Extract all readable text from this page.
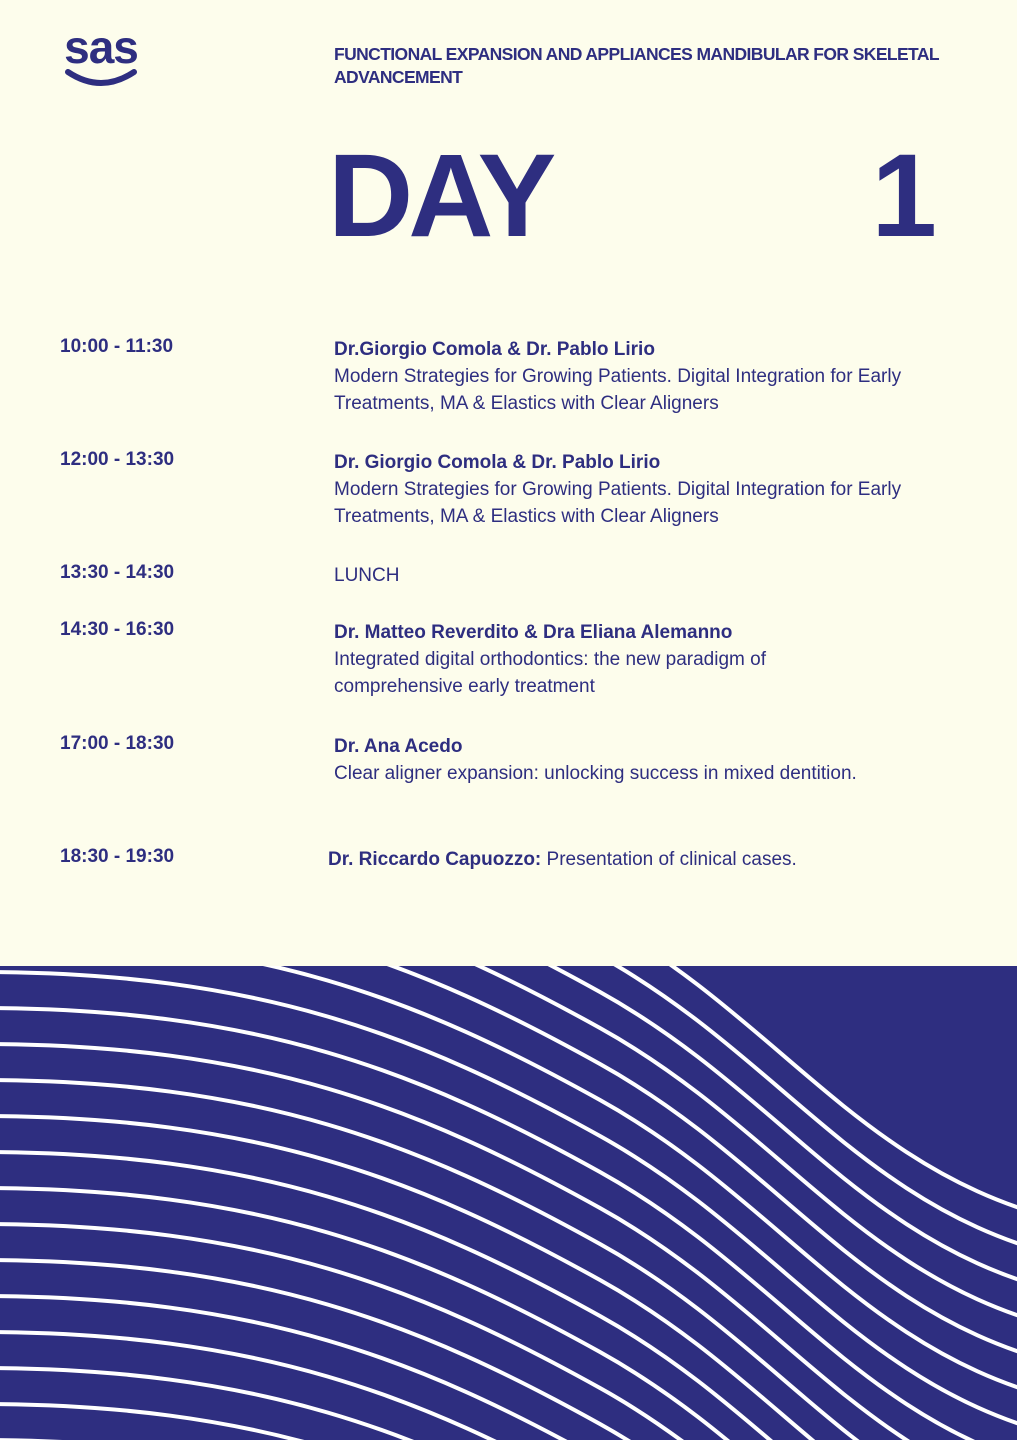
sas	FUNCTIONAL EXPANSION AND APPLIANCES MANDIBULAR FOR SKELETAL ADVANCEMENT
DAY	1
10:00 - 11:30	Dr.Giorgio Comola & Dr. Pablo Lirio
Modern Strategies for Growing Patients. Digital Integration for Early Treatments, MA & Elastics with Clear Aligners
12:00 - 13:30	Dr. Giorgio Comola & Dr. Pablo Lirio
Modern Strategies for Growing Patients. Digital Integration for Early Treatments, MA & Elastics with Clear Aligners
13:30 - 14:30	LUNCH
14:30 - 16:30	Dr. Matteo Reverdito & Dra Eliana Alemanno
Integrated digital orthodontics: the new paradigm of comprehensive early treatment
17:00 - 18:30	Dr. Ana Acedo
Clear aligner expansion: unlocking success in mixed dentition.
18:30 - 19:30	Dr. Riccardo Capuozzo: Presentation of clinical cases.
